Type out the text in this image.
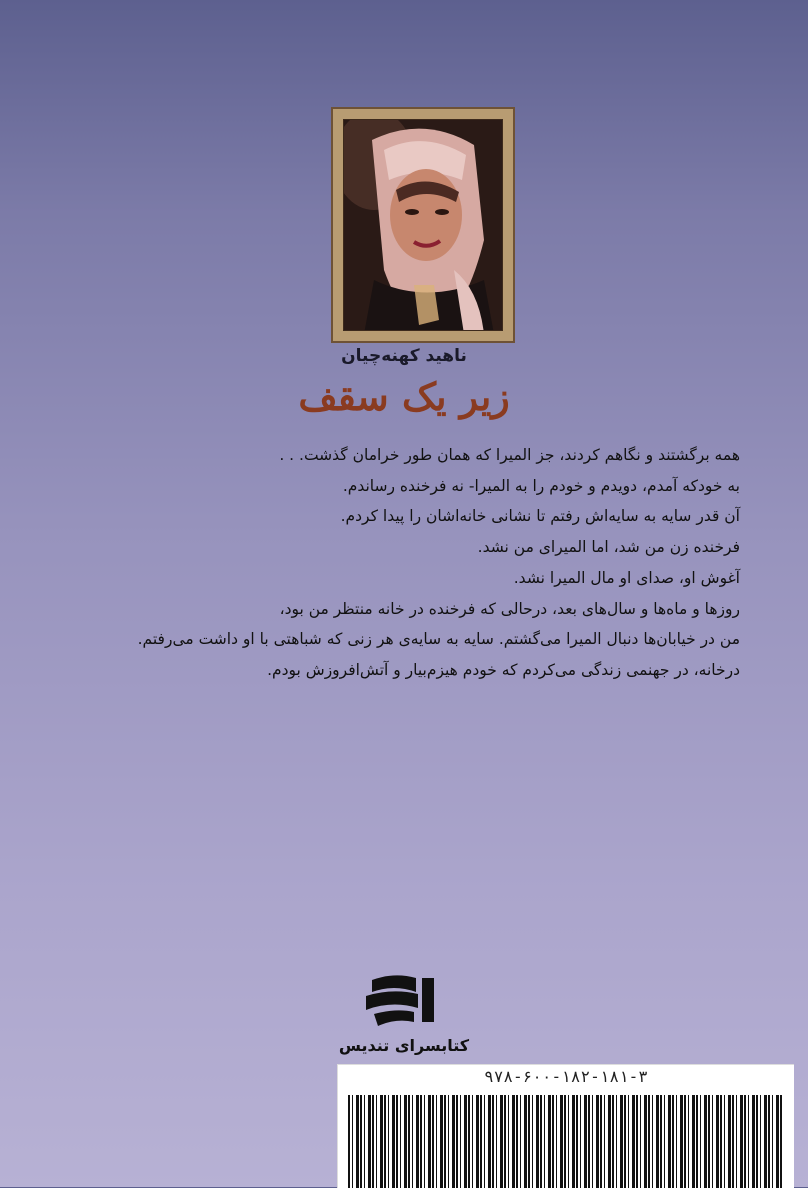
ناهید کهنه‌چیان
زیر یک سقف
همه برگشتند و نگاهم کردند، جز المیرا که همان طور خرامان گذشت. . .
به خودکه آمدم، دویدم و خودم را به المیرا- نه فرخنده رساندم.
آن قدر سایه به سایه‌اش رفتم تا نشانی خانه‌اشان را پیدا کردم.
فرخنده زن من شد، اما المیرای من نشد.
آغوش او، صدای او مال المیرا نشد.
روزها و ماه‌ها و سال‌های بعد، درحالی که فرخنده در خانه منتظر من بود،
من در خیابان‌ها دنبال المیرا می‌گشتم. سایه به سایه‌ی هر زنی که شباهتی با او داشت می‌رفتم.
درخانه، در جهنمی زندگی می‌کردم که خودم هیزم‌بیار و آتش‌افروزش بودم.
کتابسرای تندیس
۹۷۸-۶۰۰-۱۸۲-۱۸۱-۳
